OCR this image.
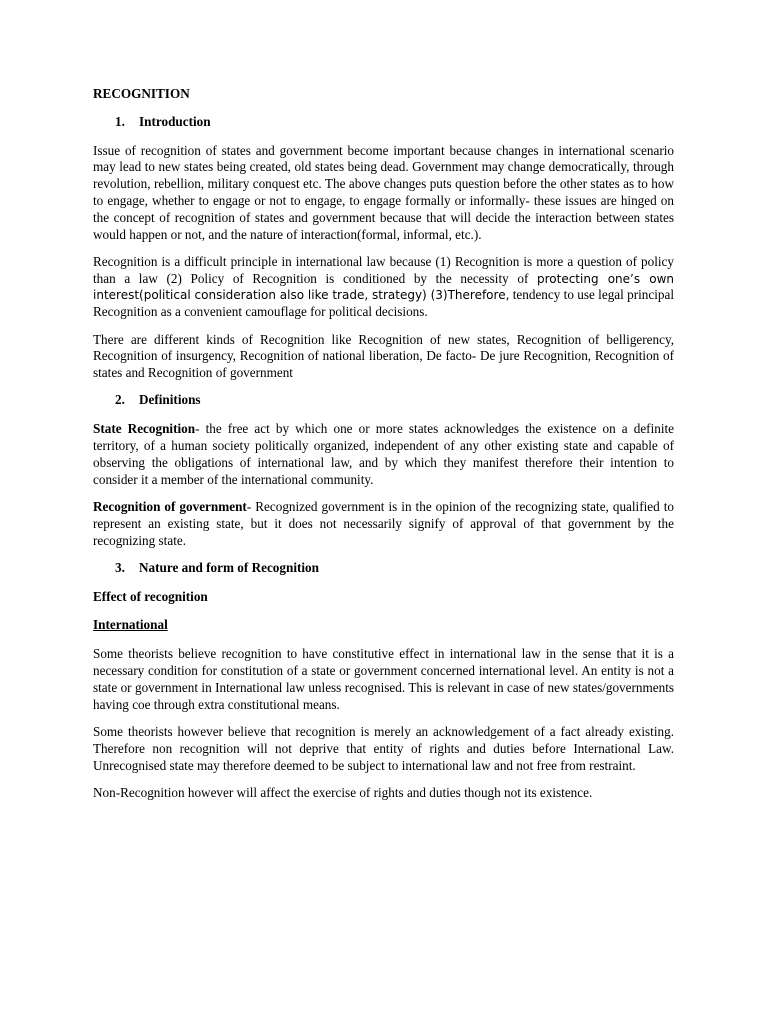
RECOGNITION

1. Introduction

Issue of recognition of states and government become important because changes in international scenario may lead to new states being created, old states being dead. Government may change democratically, through revolution, rebellion, military conquest etc. The above changes puts question before the other states as to how to engage, whether to engage or not to engage, to engage formally or informally- these issues are hinged on the concept of recognition of states and government because that will decide the interaction between states would happen or not, and the nature of interaction(formal, informal, etc.).

Recognition is a difficult principle in international law because (1) Recognition is more a question of policy than a law (2) Policy of Recognition is conditioned by the necessity of protecting one’s own interest(political consideration also like trade, strategy) (3)Therefore, tendency to use legal principal Recognition as a convenient camouflage for political decisions.

There are different kinds of Recognition like Recognition of new states, Recognition of belligerency, Recognition of insurgency, Recognition of national liberation, De facto- De jure Recognition, Recognition of states and Recognition of government

2. Definitions

State Recognition- the free act by which one or more states acknowledges the existence on a definite territory, of a human society politically organized, independent of any other existing state and capable of observing the obligations of international law, and by which they manifest therefore their intention to consider it a member of the international community.

Recognition of government- Recognized government is in the opinion of the recognizing state, qualified to represent an existing state, but it does not necessarily signify of approval of that government by the recognizing state.

3. Nature and form of Recognition
Effect of recognition
International

Some theorists believe recognition to have constitutive effect in international law in the sense that it is a necessary condition for constitution of a state or government concerned international level. An entity is not a state or government in International law unless recognised. This is relevant in case of new states/governments having coe through extra constitutional means.

Some theorists however believe that recognition is merely an acknowledgement of a fact already existing. Therefore non recognition will not deprive that entity of rights and duties before International Law. Unrecognised state may therefore deemed to be subject to international law and not free from restraint.

Non-Recognition however will affect the exercise of rights and duties though not its existence.
